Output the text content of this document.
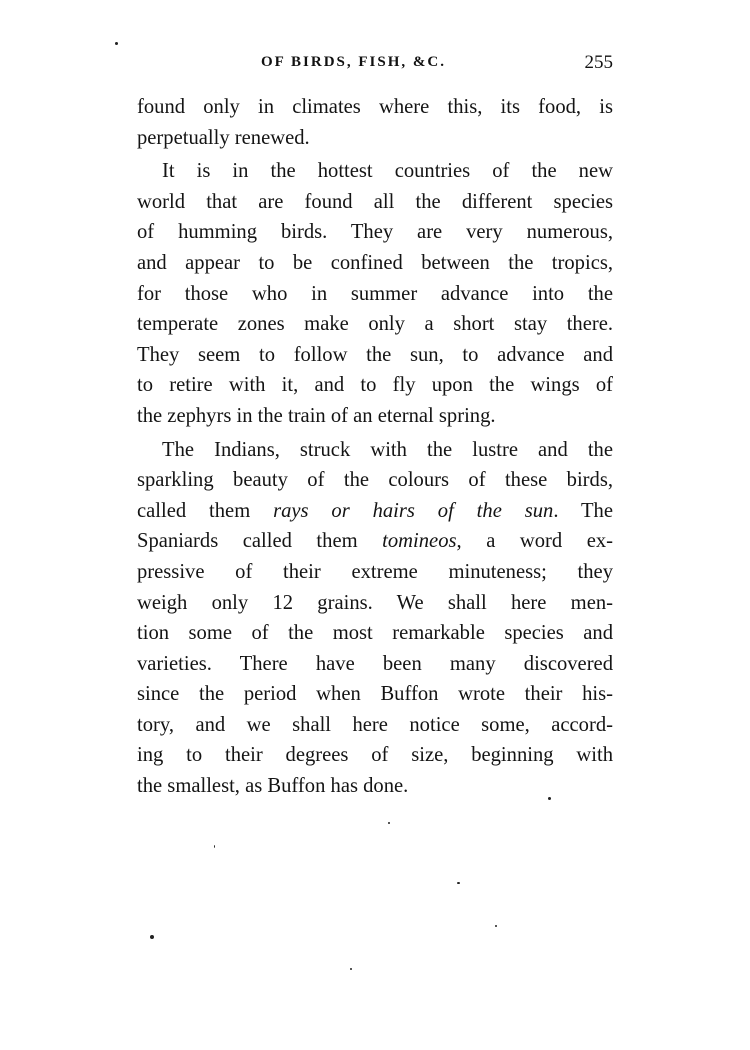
OF BIRDS, FISH, &C.	255
found only in climates where this, its food, is
perpetually renewed.
It is in the hottest countries of the new
world that are found all the different species
of humming birds. They are very numerous,
and appear to be confined between the tropics,
for those who in summer advance into the
temperate zones make only a short stay there.
They seem to follow the sun, to advance and
to retire with it, and to fly upon the wings of
the zephyrs in the train of an eternal spring.
The Indians, struck with the lustre and the
sparkling beauty of the colours of these birds,
called them rays or hairs of the sun. The
Spaniards called them tomineos, a word ex-
pressive of their extreme minuteness; they
weigh only 12 grains. We shall here men-
tion some of the most remarkable species and
varieties. There have been many discovered
since the period when Buffon wrote their his-
tory, and we shall here notice some, accord-
ing to their degrees of size, beginning with
the smallest, as Buffon has done.
